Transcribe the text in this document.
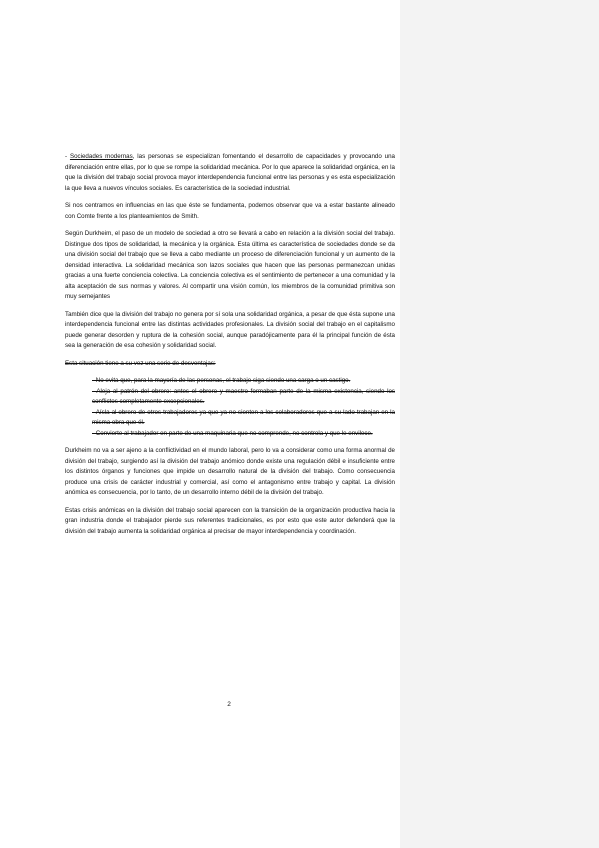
- Sociedades modernas, las personas se especializan fomentando el desarrollo de capacidades y provocando una diferenciación entre ellas, por lo que se rompe la solidaridad mecánica. Por lo que aparece la solidaridad orgánica, en la que la división del trabajo social provoca mayor interdependencia funcional entre las personas y es esta especialización la que lleva a nuevos vínculos sociales. Es característica de la sociedad industrial.

Si nos centramos en influencias en las que éste se fundamenta, podemos observar que va a estar bastante alineado con Comte frente a los planteamientos de Smith.

Según Durkheim, el paso de un modelo de sociedad a otro se llevará a cabo en relación a la división social del trabajo. Distingue dos tipos de solidaridad, la mecánica y la orgánica. Esta última es característica de sociedades donde se da una división social del trabajo que se lleva a cabo mediante un proceso de diferenciación funcional y un aumento de la densidad interactiva. La solidaridad mecánica son lazos sociales que hacen que las personas permanezcan unidas gracias a una fuerte conciencia colectiva. La conciencia colectiva es el sentimiento de pertenecer a una comunidad y la alta aceptación de sus normas y valores. Al compartir una visión común, los miembros de la comunidad primitiva son muy semejantes

También dice que la división del trabajo no genera por sí sola una solidaridad orgánica, a pesar de que ésta supone una interdependencia funcional entre las distintas actividades profesionales. La división social del trabajo en el capitalismo puede generar desorden y ruptura de la cohesión social, aunque paradójicamente para él la principal función de ésta sea la generación de esa cohesión y solidaridad social.

Esta situación tiene a su vez una serie de desventajas:

- No evita que, para la mayoría de las personas, el trabajo siga siendo una carga o un castigo.
- Aleja al patrón del obrero: antes el obrero y maestro formaban parte de la misma existencia, siendo los conflictos completamente excepcionales.
- Aísla al obrero de otros trabajadores ya que ya no sienten a los colaboradores que a su lado trabajan en la misma obra que él.
- Convierte al trabajador en parte de una maquinaria que no comprende, no controla y que le envilece.

Durkheim no va a ser ajeno a la conflictividad en el mundo laboral, pero lo va a considerar como una forma anormal de división del trabajo, surgiendo así la división del trabajo anómico donde existe una regulación débil e insuficiente entre los distintos órganos y funciones que impide un desarrollo natural de la división del trabajo. Como consecuencia produce una crisis de carácter industrial y comercial, así como el antagonismo entre trabajo y capital. La división anómica es consecuencia, por lo tanto, de un desarrollo interno débil de la división del trabajo.

Estas crisis anómicas en la división del trabajo social aparecen con la transición de la organización productiva hacia la gran industria donde el trabajador pierde sus referentes tradicionales, es por esto que este autor defenderá que la división del trabajo aumenta la solidaridad orgánica al precisar de mayor interdependencia y coordinación.

2
